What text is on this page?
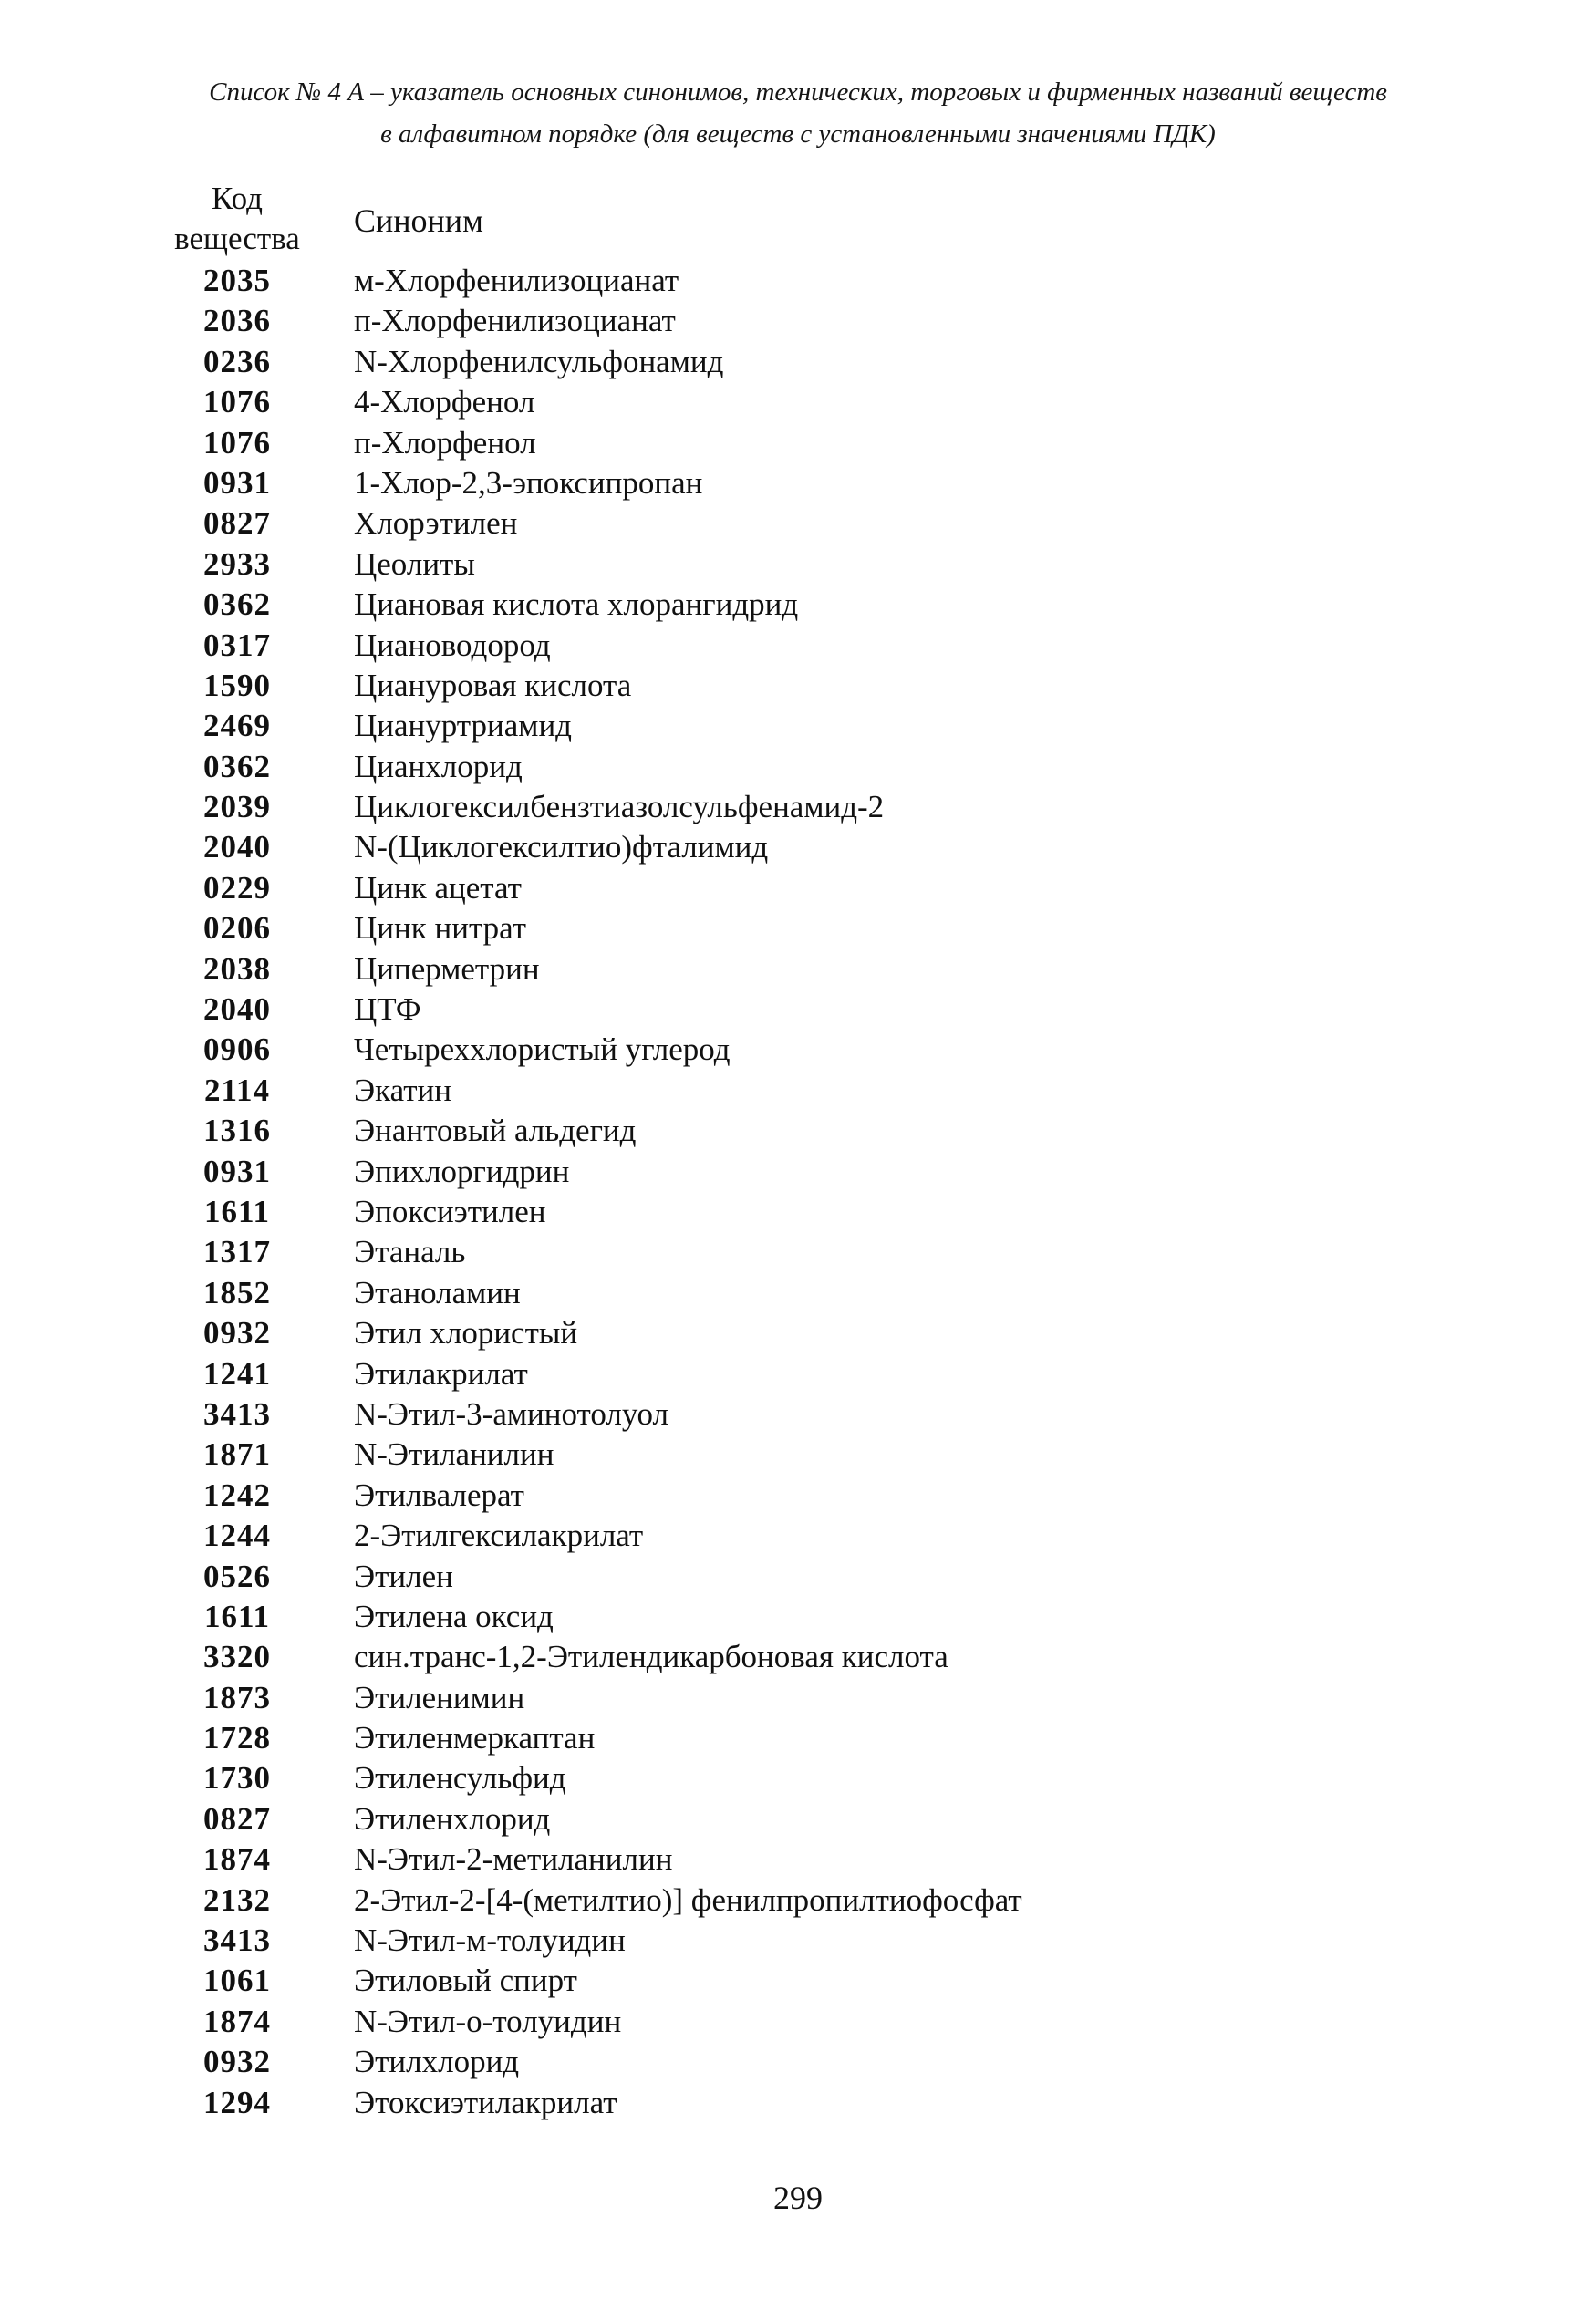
Список № 4 А – указатель основных синонимов, технических, торговых и фирменных названий веществ
в алфавитном порядке (для веществ с установленными значениями ПДК)
Код
вещества	Синоним
2035	м-Хлорфенилизоцианат
2036	п-Хлорфенилизоцианат
0236	N-Хлорфенилсульфонамид
1076	4-Хлорфенол
1076	п-Хлорфенол
0931	1-Хлор-2,3-эпоксипропан
0827	Хлорэтилен
2933	Цеолиты
0362	Циановая кислота хлорангидрид
0317	Циановодород
1590	Циануровая кислота
2469	Циануртриамид
0362	Цианхлорид
2039	Циклогексилбензтиазолсульфенамид-2
2040	N-(Циклогексилтио)фталимид
0229	Цинк ацетат
0206	Цинк нитрат
2038	Циперметрин
2040	ЦТФ
0906	Четыреххлористый углерод
2114	Экатин
1316	Энантовый альдегид
0931	Эпихлоргидрин
1611	Эпоксиэтилен
1317	Этаналь
1852	Этаноламин
0932	Этил хлористый
1241	Этилакрилат
3413	N-Этил-3-аминотолуол
1871	N-Этиланилин
1242	Этилвалерат
1244	2-Этилгексилакрилат
0526	Этилен
1611	Этилена оксид
3320	син.транс-1,2-Этилендикарбоновая кислота
1873	Этиленимин
1728	Этиленмеркаптан
1730	Этиленсульфид
0827	Этиленхлорид
1874	N-Этил-2-метиланилин
2132	2-Этил-2-[4-(метилтио)] фенилпропилтиофосфат
3413	N-Этил-м-толуидин
1061	Этиловый спирт
1874	N-Этил-о-толуидин
0932	Этилхлорид
1294	Этоксиэтилакрилат
299
